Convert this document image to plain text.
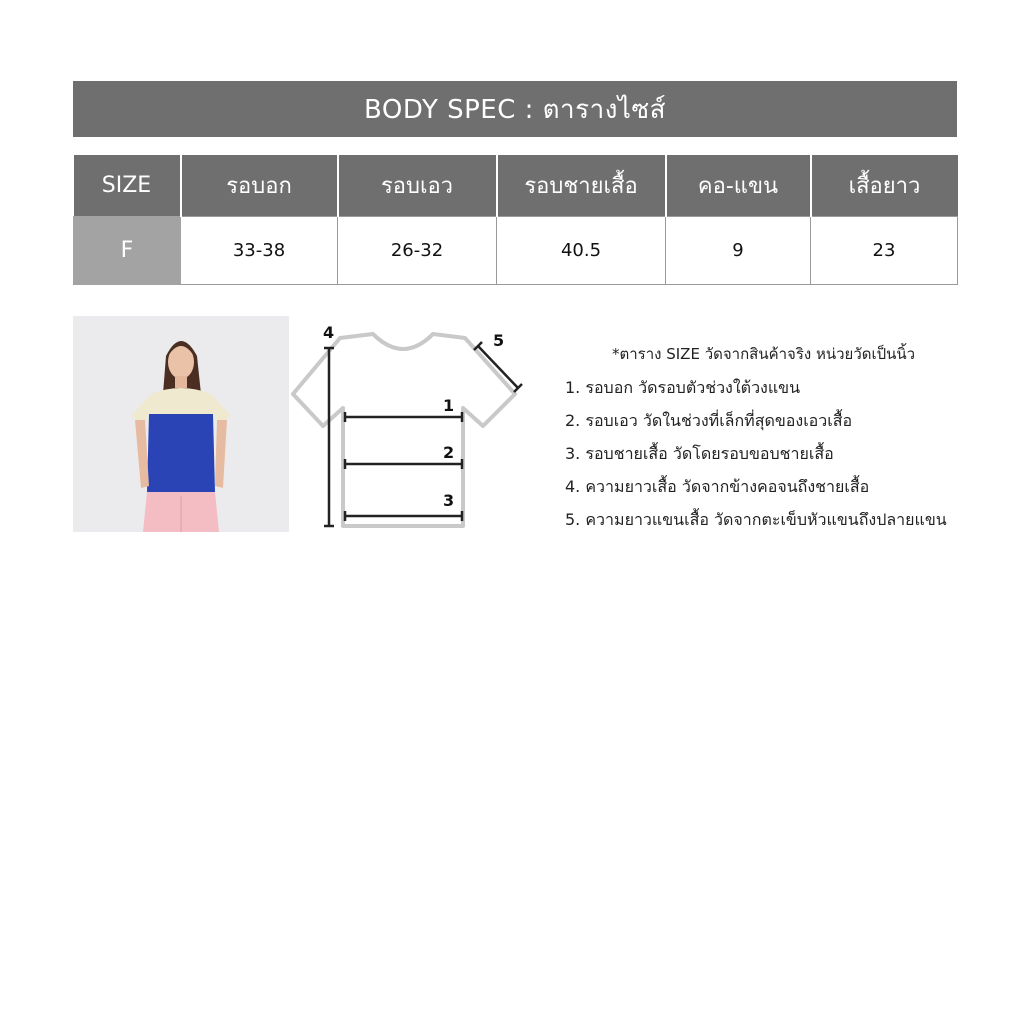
BODY SPEC : ตารางไซส์
SIZE	รอบอก	รอบเอว	รอบชายเสื้อ	คอ-แขน	เสื้อยาว
F	33-38	26-32	40.5	9	23
1
2
3
4	5
*ตาราง SIZE วัดจากสินค้าจริง หน่วยวัดเป็นนิ้ว
1. รอบอก วัดรอบตัวช่วงใต้วงแขน
2. รอบเอว วัดในช่วงที่เล็กที่สุดของเอวเสื้อ
3. รอบชายเสื้อ วัดโดยรอบขอบชายเสื้อ
4. ความยาวเสื้อ วัดจากข้างคอจนถึงชายเสื้อ
5. ความยาวแขนเสื้อ วัดจากตะเข็บหัวแขนถึงปลายแขน
